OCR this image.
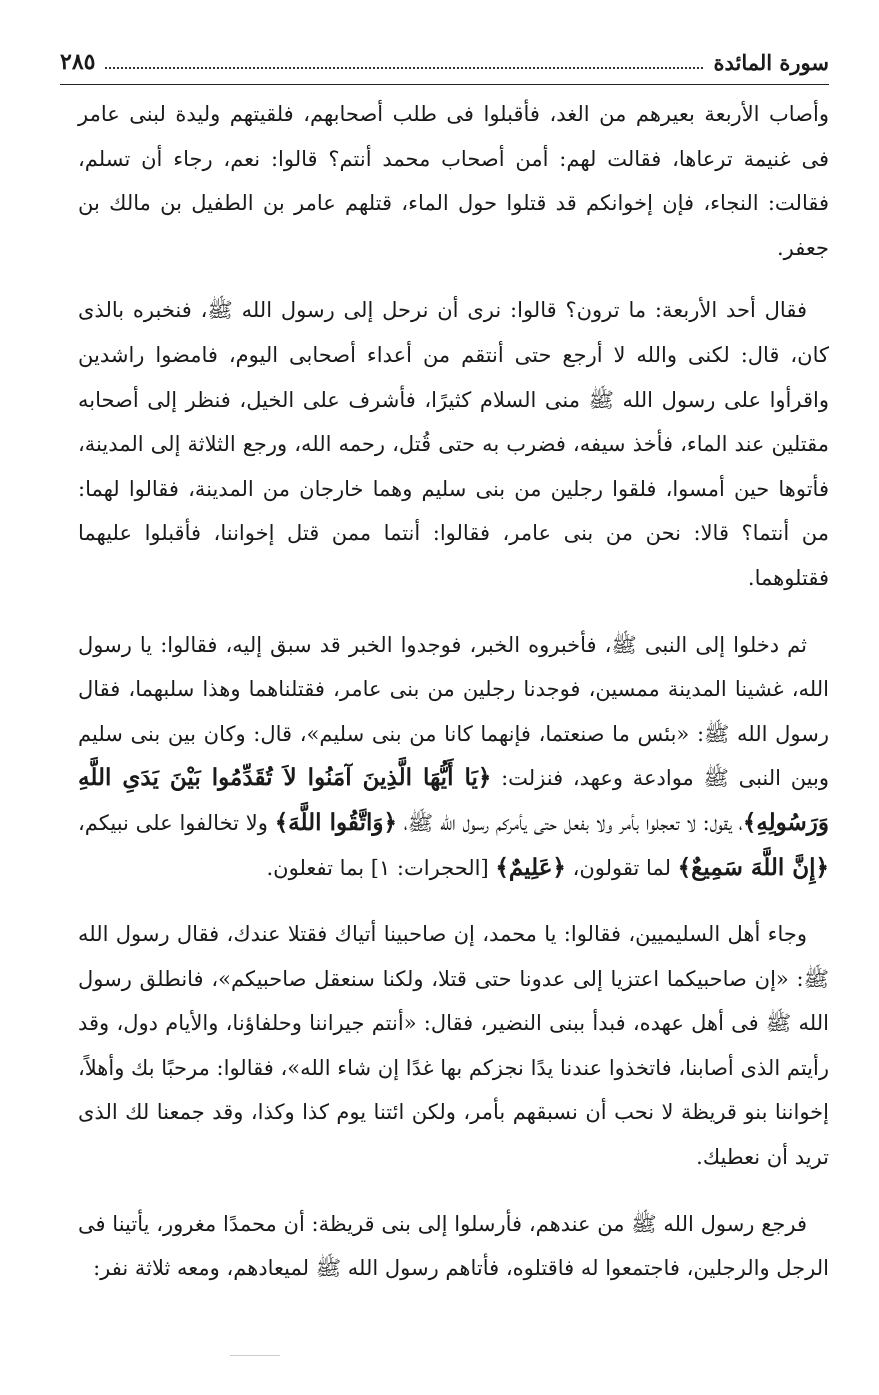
سورة المائدة
٢٨٥

وأصاب الأربعة بعيرهم من الغد، فأقبلوا فى طلب أصحابهم، فلقيتهم وليدة لبنى عامر فى غنيمة ترعاها، فقالت لهم: أمن أصحاب محمد أنتم؟ قالوا: نعم، رجاء أن تسلم، فقالت: النجاء، فإن إخوانكم قد قتلوا حول الماء، قتلهم عامر بن الطفيل بن مالك بن جعفر.

فقال أحد الأربعة: ما ترون؟ قالوا: نرى أن نرحل إلى رسول الله ﷺ، فنخبره بالذى كان، قال: لكنى والله لا أرجع حتى أنتقم من أعداء أصحابى اليوم، فامضوا راشدين واقرأوا على رسول الله ﷺ منى السلام كثيرًا، فأشرف على الخيل، فنظر إلى أصحابه مقتلين عند الماء، فأخذ سيفه، فضرب به حتى قُتل، رحمه الله، ورجع الثلاثة إلى المدينة، فأتوها حين أمسوا، فلقوا رجلين من بنى سليم وهما خارجان من المدينة، فقالوا لهما: من أنتما؟ قالا: نحن من بنى عامر، فقالوا: أنتما ممن قتل إخواننا، فأقبلوا عليهما فقتلوهما.

ثم دخلوا إلى النبى ﷺ، فأخبروه الخبر، فوجدوا الخبر قد سبق إليه، فقالوا: يا رسول الله، غشينا المدينة ممسين، فوجدنا رجلين من بنى عامر، فقتلناهما وهذا سلبهما، فقال رسول الله ﷺ: «بئس ما صنعتما، فإنهما كانا من بنى سليم»، قال: وكان بين بنى سليم وبين النبى ﷺ موادعة وعهد، فنزلت: ﴿يَا أَيُّهَا الَّذِينَ آمَنُوا لاَ تُقَدِّمُوا بَيْنَ يَدَىِ اللَّهِ وَرَسُولِهِ﴾، يقول: لا تعجلوا بأمر ولا بفعل حتى يأمركم رسول الله ﷺ، ﴿وَاتَّقُوا اللَّهَ﴾ ولا تخالفوا على نبيكم، ﴿إِنَّ اللَّهَ سَمِيعٌ﴾ لما تقولون، ﴿عَلِيمٌ﴾ [الحجرات: ١] بما تفعلون.

وجاء أهل السليميين، فقالوا: يا محمد، إن صاحبينا أتياك فقتلا عندك، فقال رسول الله ﷺ: «إن صاحبيكما اعتزيا إلى عدونا حتى قتلا، ولكنا سنعقل صاحبيكم»، فانطلق رسول الله ﷺ فى أهل عهده، فبدأ ببنى النضير، فقال: «أنتم جيراننا وحلفاؤنا، والأيام دول، وقد رأيتم الذى أصابنا، فاتخذوا عندنا يدًا نجزكم بها غدًا إن شاء الله»، فقالوا: مرحبًا بك وأهلاً، إخواننا بنو قريظة لا نحب أن نسبقهم بأمر، ولكن ائتنا يوم كذا وكذا، وقد جمعنا لك الذى تريد أن نعطيك.

فرجع رسول الله ﷺ من عندهم، فأرسلوا إلى بنى قريظة: أن محمدًا مغرور، يأتينا فى الرجل والرجلين، فاجتمعوا له فاقتلوه، فأتاهم رسول الله ﷺ لميعادهم، ومعه ثلاثة نفر:
